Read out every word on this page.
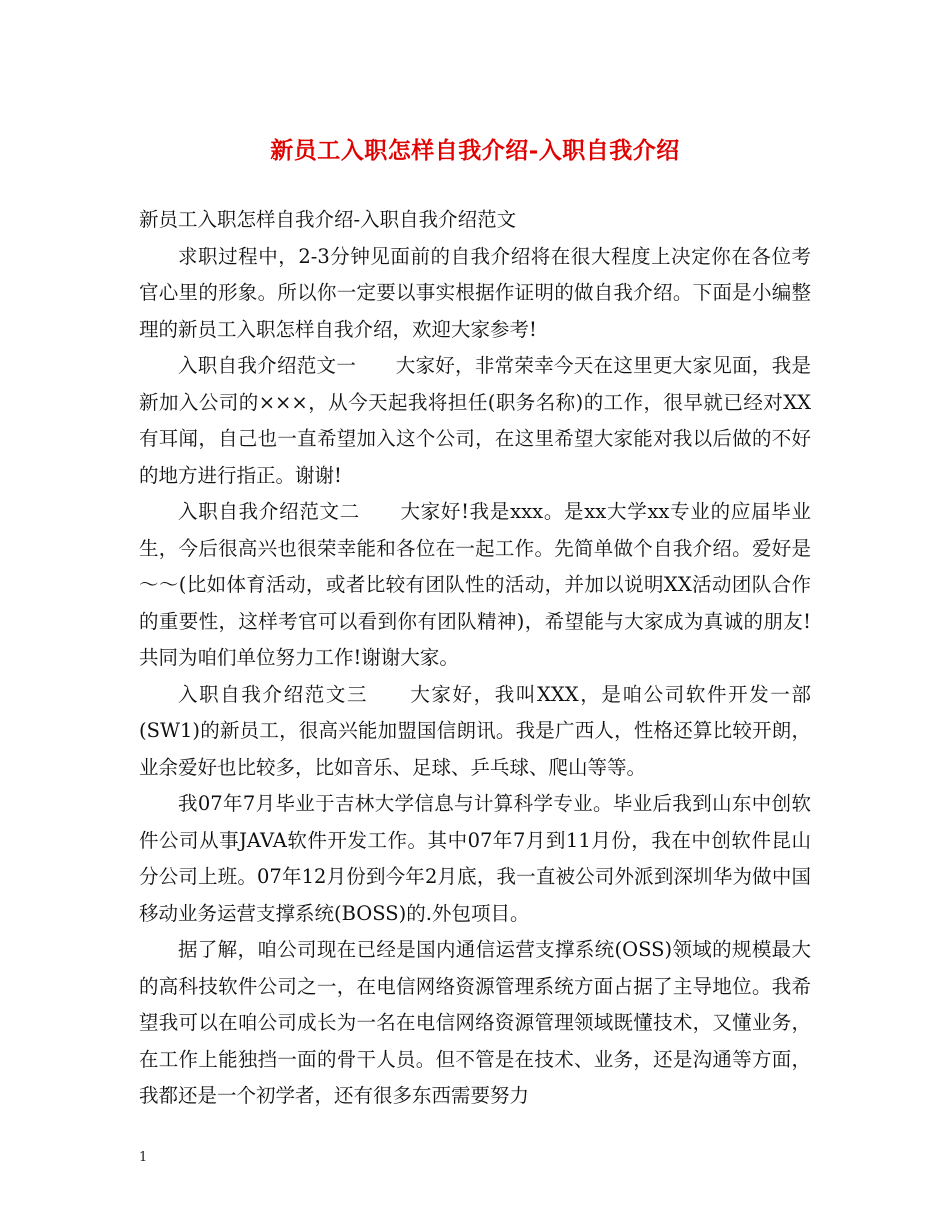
新员工入职怎样自我介绍-入职自我介绍

新员工入职怎样自我介绍-入职自我介绍范文

求职过程中，2-3分钟见面前的自我介绍将在很大程度上决定你在各位考官心里的形象。所以你一定要以事实根据作证明的做自我介绍。下面是小编整理的新员工入职怎样自我介绍，欢迎大家参考!

入职自我介绍范文一　　大家好，非常荣幸今天在这里更大家见面，我是新加入公司的×××，从今天起我将担任(职务名称)的工作，很早就已经对XX有耳闻，自己也一直希望加入这个公司，在这里希望大家能对我以后做的不好的地方进行指正。谢谢!

入职自我介绍范文二　　大家好!我是xxx。是xx大学xx专业的应届毕业生，今后很高兴也很荣幸能和各位在一起工作。先简单做个自我介绍。爱好是～～(比如体育活动，或者比较有团队性的活动，并加以说明XX活动团队合作的重要性，这样考官可以看到你有团队精神)，希望能与大家成为真诚的朋友!共同为咱们单位努力工作!谢谢大家。

入职自我介绍范文三　　大家好，我叫XXX，是咱公司软件开发一部(SW1)的新员工，很高兴能加盟国信朗讯。我是广西人，性格还算比较开朗，业余爱好也比较多，比如音乐、足球、乒乓球、爬山等等。

我07年7月毕业于吉林大学信息与计算科学专业。毕业后我到山东中创软件公司从事JAVA软件开发工作。其中07年7月到11月份，我在中创软件昆山分公司上班。07年12月份到今年2月底，我一直被公司外派到深圳华为做中国移动业务运营支撑系统(BOSS)的.外包项目。

据了解，咱公司现在已经是国内通信运营支撑系统(OSS)领域的规模最大的高科技软件公司之一，在电信网络资源管理系统方面占据了主导地位。我希望我可以在咱公司成长为一名在电信网络资源管理领域既懂技术，又懂业务，在工作上能独挡一面的骨干人员。但不管是在技术、业务，还是沟通等方面，我都还是一个初学者，还有很多东西需要努力

1
